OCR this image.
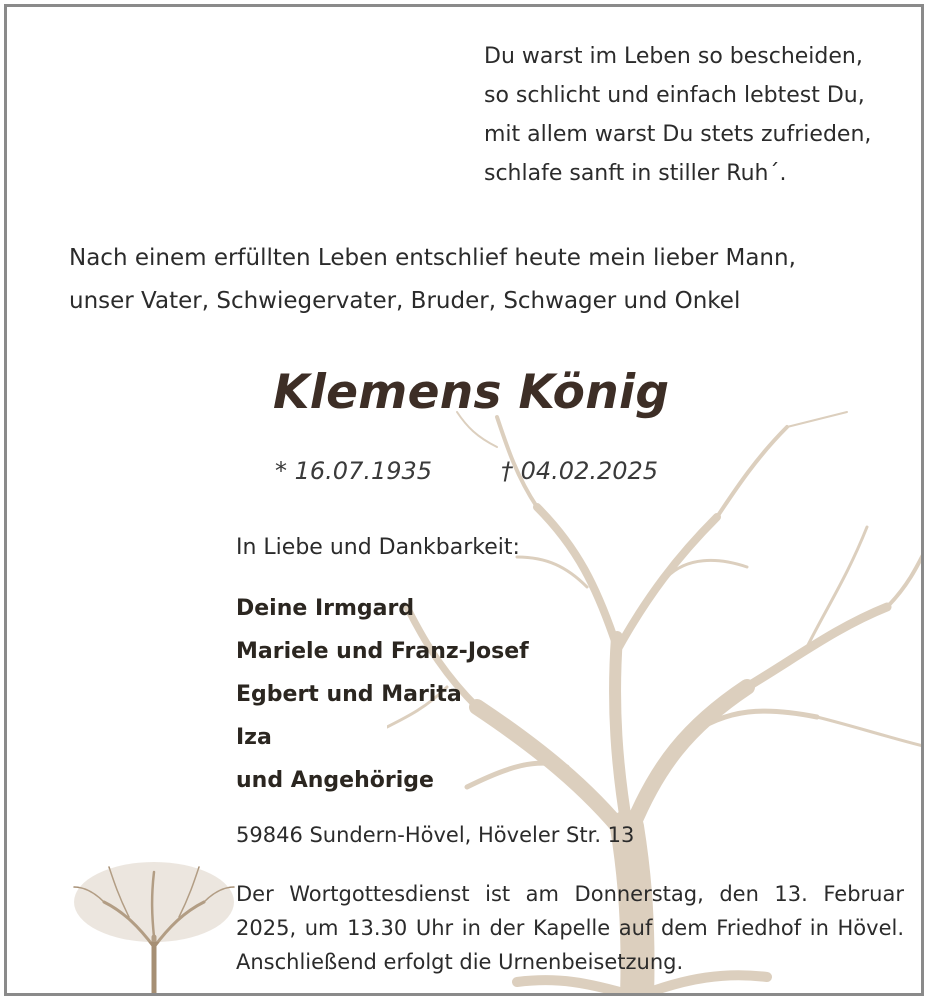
Du warst im Leben so bescheiden,
so schlicht und einfach lebtest Du,
mit allem warst Du stets zufrieden,
schlafe sanft in stiller Ruh´.
Nach einem erfüllten Leben entschlief heute mein lieber Mann,
unser Vater, Schwiegervater, Bruder, Schwager und Onkel
Klemens König
* 16.07.1935	† 04.02.2025
In Liebe und Dankbarkeit:
Deine Irmgard
Mariele und Franz-Josef
Egbert und Marita
Iza
und Angehörige
59846 Sundern-Hövel, Höveler Str. 13
Der Wortgottesdienst ist am Donnerstag, den 13. Februar 2025, um 13.30 Uhr in der Kapelle auf dem Friedhof in Hövel. Anschließend erfolgt die Urnenbeisetzung.
